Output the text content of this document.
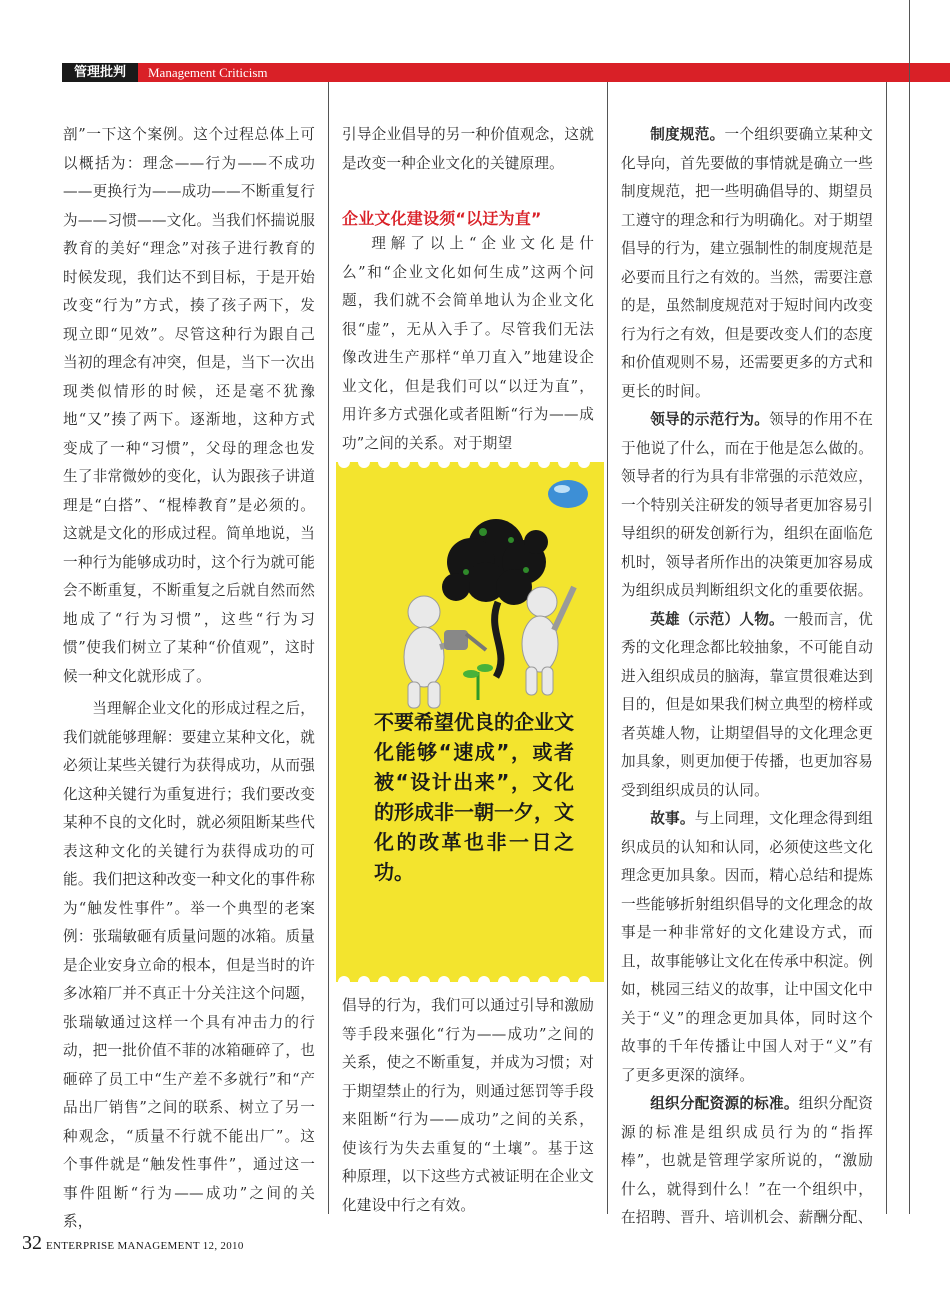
管理批判	Management Criticism

剖”一下这个案例。这个过程总体上可以概括为：理念——行为——不成功——更换行为——成功——不断重复行为——习惯——文化。当我们怀揣说服教育的美好“理念”对孩子进行教育的时候发现，我们达不到目标，于是开始改变“行为”方式，揍了孩子两下，发现立即“见效”。尽管这种行为跟自己当初的理念有冲突，但是，当下一次出现类似情形的时候，还是毫不犹豫地“又”揍了两下。逐渐地，这种方式变成了一种“习惯”，父母的理念也发生了非常微妙的变化，认为跟孩子讲道理是“白搭”、“棍棒教育”是必须的。这就是文化的形成过程。简单地说，当一种行为能够成功时，这个行为就可能会不断重复，不断重复之后就自然而然地成了“行为习惯”，这些“行为习惯”使我们树立了某种“价值观”，这时候一种文化就形成了。

当理解企业文化的形成过程之后，我们就能够理解：要建立某种文化，就必须让某些关键行为获得成功，从而强化这种关键行为重复进行；我们要改变某种不良的文化时，就必须阻断某些代表这种文化的关键行为获得成功的可能。我们把这种改变一种文化的事件称为“触发性事件”。举一个典型的老案例：张瑞敏砸有质量问题的冰箱。质量是企业安身立命的根本，但是当时的许多冰箱厂并不真正十分关注这个问题，张瑞敏通过这样一个具有冲击力的行动，把一批价值不菲的冰箱砸碎了，也砸碎了员工中“生产差不多就行”和“产品出厂销售”之间的联系、树立了另一种观念，“质量不行就不能出厂”。这个事件就是“触发性事件”，通过这一事件阻断“行为——成功”之间的关系，

引导企业倡导的另一种价值观念，这就是改变一种企业文化的关键原理。

企业文化建设须“以迂为直”

理解了以上“企业文化是什么”和“企业文化如何生成”这两个问题，我们就不会简单地认为企业文化很“虚”，无从入手了。尽管我们无法像改进生产那样“单刀直入”地建设企业文化，但是我们可以“以迂为直”，用许多方式强化或者阻断“行为——成功”之间的关系。对于期望

不要希望优良的企业文化能够“速成”，或者被“设计出来”，文化的形成非一朝一夕，文化的改革也非一日之功。

倡导的行为，我们可以通过引导和激励等手段来强化“行为——成功”之间的关系，使之不断重复，并成为习惯；对于期望禁止的行为，则通过惩罚等手段来阻断“行为——成功”之间的关系，使该行为失去重复的“土壤”。基于这种原理，以下这些方式被证明在企业文化建设中行之有效。

制度规范。一个组织要确立某种文化导向，首先要做的事情就是确立一些制度规范，把一些明确倡导的、期望员工遵守的理念和行为明确化。对于期望倡导的行为，建立强制性的制度规范是必要而且行之有效的。当然，需要注意的是，虽然制度规范对于短时间内改变行为行之有效，但是要改变人们的态度和价值观则不易，还需要更多的方式和更长的时间。

领导的示范行为。领导的作用不在于他说了什么，而在于他是怎么做的。领导者的行为具有非常强的示范效应，一个特别关注研发的领导者更加容易引导组织的研发创新行为，组织在面临危机时，领导者所作出的决策更加容易成为组织成员判断组织文化的重要依据。

英雄（示范）人物。一般而言，优秀的文化理念都比较抽象，不可能自动进入组织成员的脑海，靠宣贯很难达到目的，但是如果我们树立典型的榜样或者英雄人物，让期望倡导的文化理念更加具象，则更加便于传播，也更加容易受到组织成员的认同。

故事。与上同理，文化理念得到组织成员的认知和认同，必须使这些文化理念更加具象。因而，精心总结和提炼一些能够折射组织倡导的文化理念的故事是一种非常好的文化建设方式，而且，故事能够让文化在传承中积淀。例如，桃园三结义的故事，让中国文化中关于“义”的理念更加具体，同时这个故事的千年传播让中国人对于“义”有了更多更深的演绎。

组织分配资源的标准。组织分配资源的标准是组织成员行为的“指挥棒”，也就是管理学家所说的，“激励什么，就得到什么！”在一个组织中，在招聘、晋升、培训机会、薪酬分配、

32 ENTERPRISE MANAGEMENT 12, 2010
